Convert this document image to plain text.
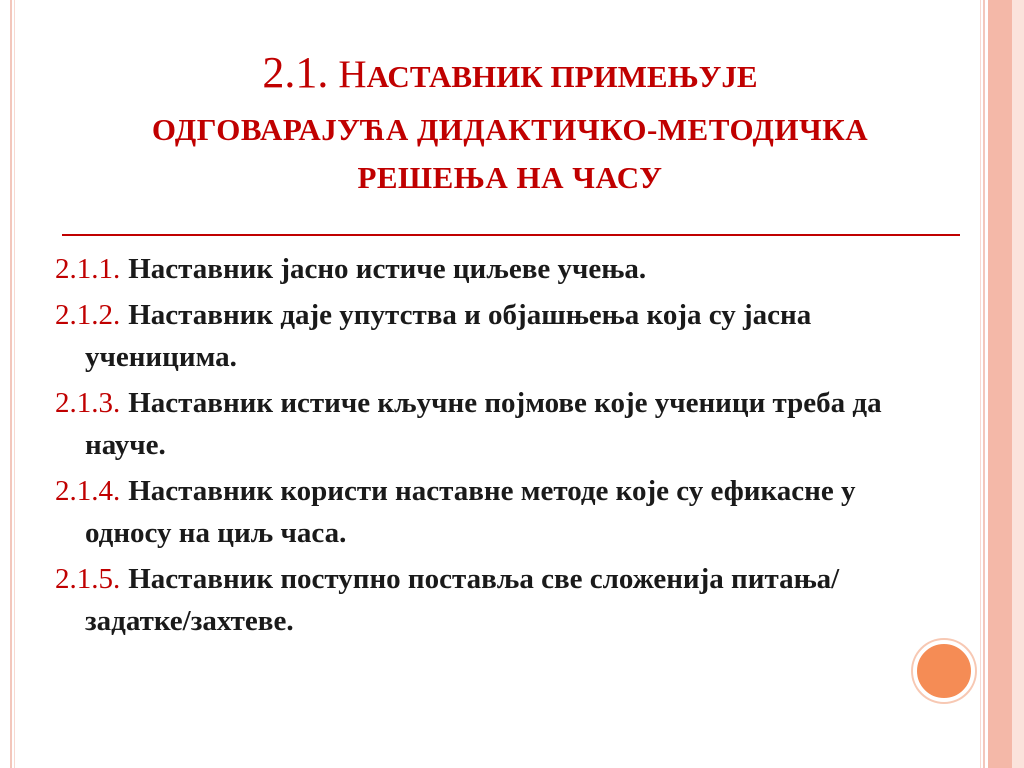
2.1. НАСТАВНИК ПРИМЕЊУЈЕ
ОДГОВАРАЈУЋА ДИДАКТИЧКО-МЕТОДИЧКА
РЕШЕЊА НА ЧАСУ
2.1.1. Наставник јасно истиче циљеве учења.
2.1.2. Наставник даје упутства и објашњења која су јасна ученицима.
2.1.3. Наставник истиче кључне појмове које ученици треба да науче.
2.1.4. Наставник користи наставне методе које су ефикасне у односу на циљ часа.
2.1.5. Наставник поступно поставља све сложенија питања/задатке/захтеве.
